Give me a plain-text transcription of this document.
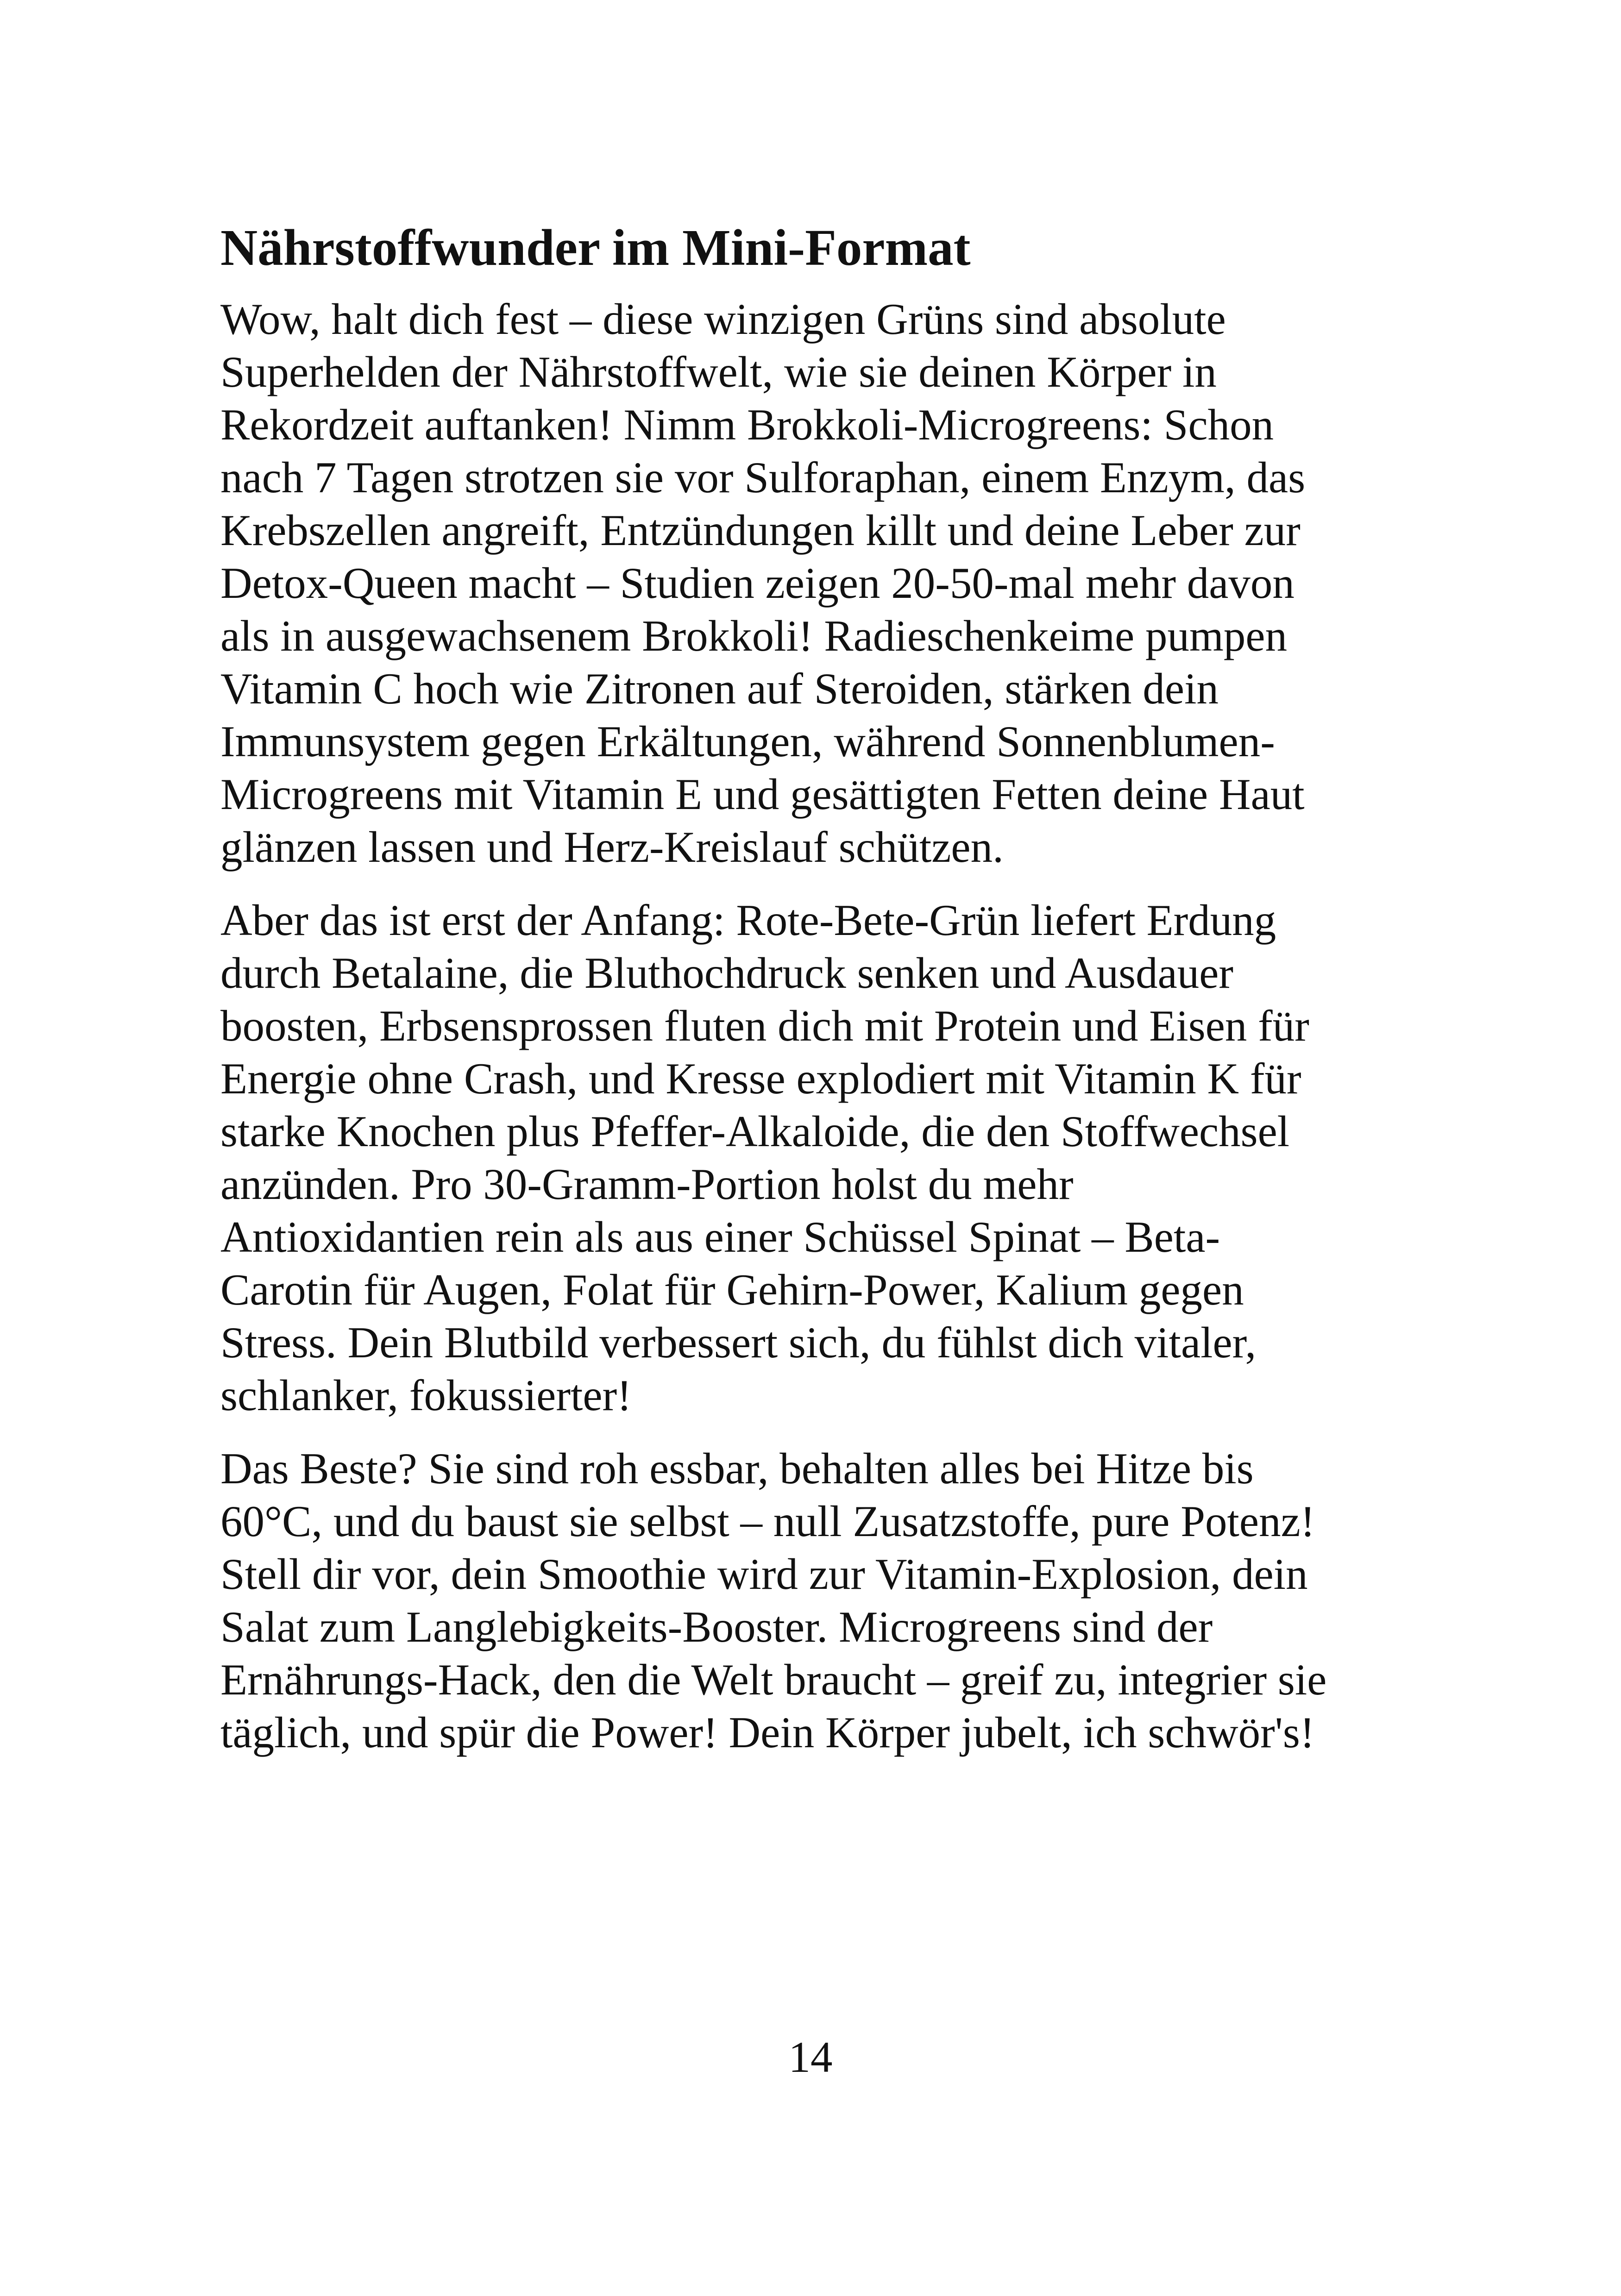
Nährstoffwunder im Mini-Format

Wow, halt dich fest – diese winzigen Grüns sind absolute
Superhelden der Nährstoffwelt, wie sie deinen Körper in
Rekordzeit auftanken! Nimm Brokkoli-Microgreens: Schon
nach 7 Tagen strotzen sie vor Sulforaphan, einem Enzym, das
Krebszellen angreift, Entzündungen killt und deine Leber zur
Detox-Queen macht – Studien zeigen 20-50-mal mehr davon
als in ausgewachsenem Brokkoli! Radieschenkeime pumpen
Vitamin C hoch wie Zitronen auf Steroiden, stärken dein
Immunsystem gegen Erkältungen, während Sonnenblumen-
Microgreens mit Vitamin E und gesättigten Fetten deine Haut
glänzen lassen und Herz-Kreislauf schützen.

Aber das ist erst der Anfang: Rote-Bete-Grün liefert Erdung
durch Betalaine, die Bluthochdruck senken und Ausdauer
boosten, Erbsensprossen fluten dich mit Protein und Eisen für
Energie ohne Crash, und Kresse explodiert mit Vitamin K für
starke Knochen plus Pfeffer-Alkaloide, die den Stoffwechsel
anzünden. Pro 30-Gramm-Portion holst du mehr
Antioxidantien rein als aus einer Schüssel Spinat – Beta-
Carotin für Augen, Folat für Gehirn-Power, Kalium gegen
Stress. Dein Blutbild verbessert sich, du fühlst dich vitaler,
schlanker, fokussierter!

Das Beste? Sie sind roh essbar, behalten alles bei Hitze bis
60°C, und du baust sie selbst – null Zusatzstoffe, pure Potenz!
Stell dir vor, dein Smoothie wird zur Vitamin-Explosion, dein
Salat zum Langlebigkeits-Booster. Microgreens sind der
Ernährungs-Hack, den die Welt braucht – greif zu, integrier sie
täglich, und spür die Power! Dein Körper jubelt, ich schwör's!

14
